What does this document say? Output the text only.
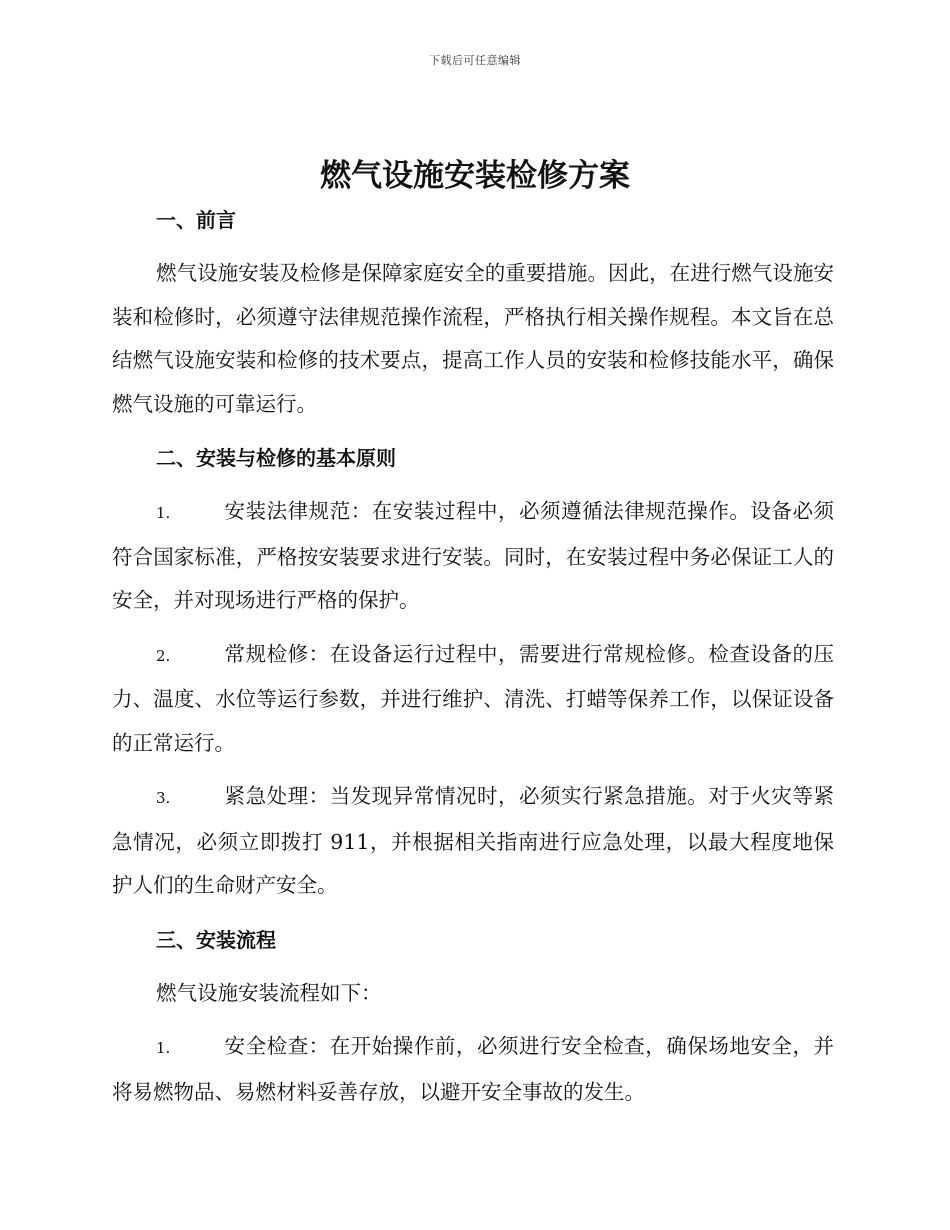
下载后可任意编辑
燃气设施安装检修方案
一、前言

燃气设施安装及检修是保障家庭安全的重要措施。因此，在进行燃气设施安装和检修时，必须遵守法律规范操作流程，严格执行相关操作规程。本文旨在总结燃气设施安装和检修的技术要点，提高工作人员的安装和检修技能水平，确保燃气设施的可靠运行。

二、安装与检修的基本原则

1.	安装法律规范：在安装过程中，必须遵循法律规范操作。设备必须符合国家标准，严格按安装要求进行安装。同时，在安装过程中务必保证工人的安全，并对现场进行严格的保护。

2.	常规检修：在设备运行过程中，需要进行常规检修。检查设备的压力、温度、水位等运行参数，并进行维护、清洗、打蜡等保养工作，以保证设备的正常运行。

3.	紧急处理：当发现异常情况时，必须实行紧急措施。对于火灾等紧急情况，必须立即拨打 911，并根据相关指南进行应急处理，以最大程度地保护人们的生命财产安全。

三、安装流程

燃气设施安装流程如下：

1.	安全检查：在开始操作前，必须进行安全检查，确保场地安全，并将易燃物品、易燃材料妥善存放，以避开安全事故的发生。
